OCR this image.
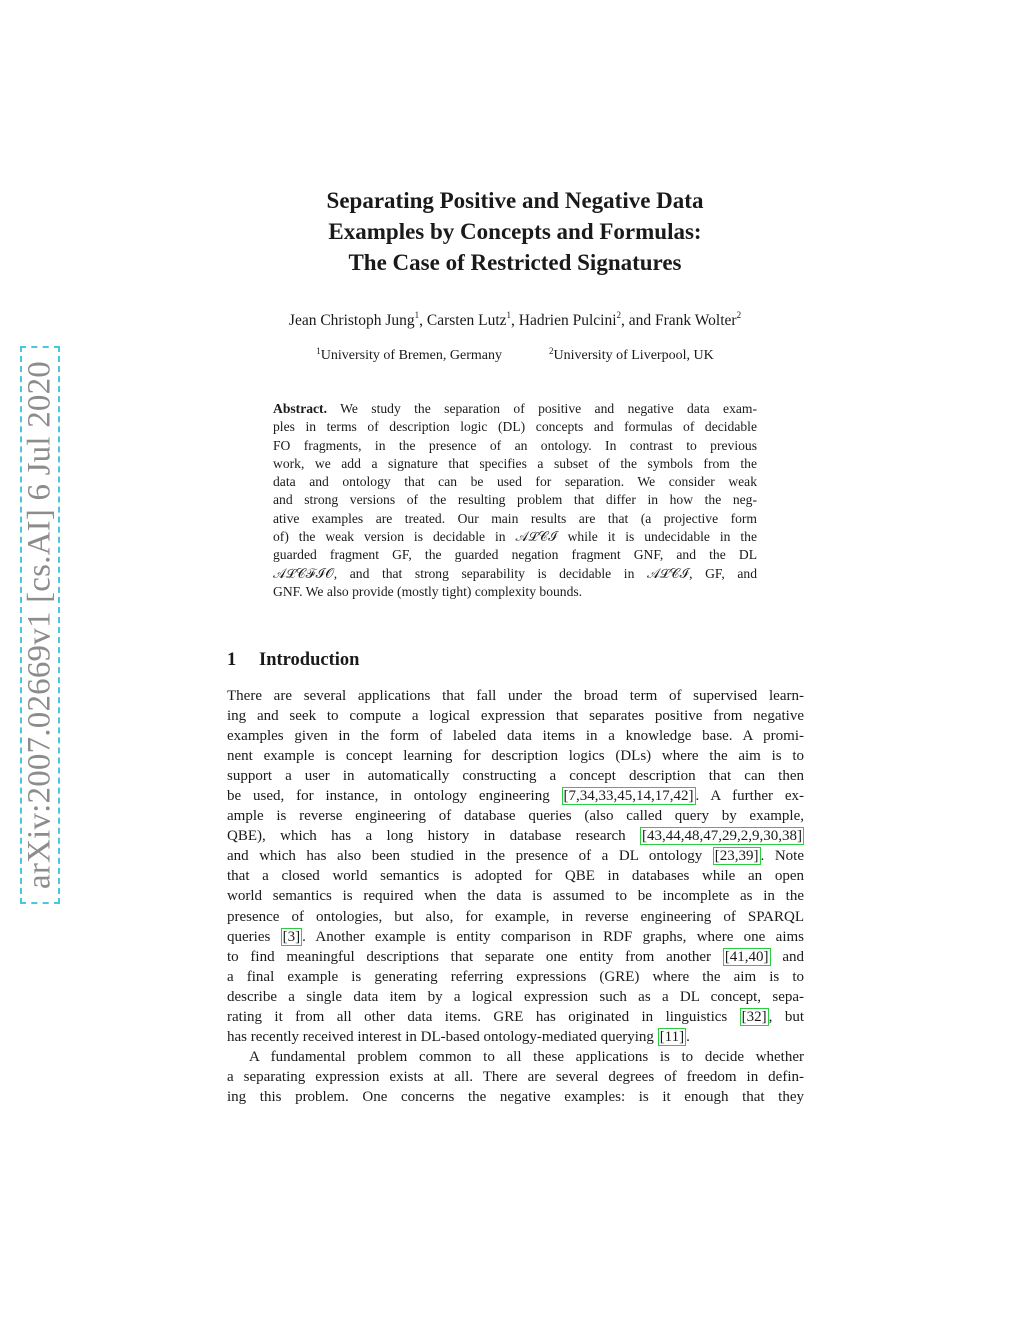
arXiv:2007.02669v1 [cs.AI] 6 Jul 2020
Separating Positive and Negative Data
Examples by Concepts and Formulas:
The Case of Restricted Signatures
Jean Christoph Jung$^1$, Carsten Lutz$^1$, Hadrien Pulcini$^2$, and Frank Wolter$^2$
$^1$University of Bremen, Germany	$^2$University of Liverpool, UK
Abstract. We study the separation of positive and negative data exam-
ples in terms of description logic (DL) concepts and formulas of decidable
FO fragments, in the presence of an ontology. In contrast to previous
work, we add a signature that specifies a subset of the symbols from the
data and ontology that can be used for separation. We consider weak
and strong versions of the resulting problem that differ in how the neg-
ative examples are treated. Our main results are that (a projective form
of) the weak version is decidable in 𝒜ℒ𝒞ℐ while it is undecidable in the
guarded fragment GF, the guarded negation fragment GNF, and the DL
𝒜ℒ𝒞ℱℐ𝒪, and that strong separability is decidable in 𝒜ℒ𝒞ℐ, GF, and
GNF. We also provide (mostly tight) complexity bounds.
1 Introduction
There are several applications that fall under the broad term of supervised learn-
ing and seek to compute a logical expression that separates positive from negative
examples given in the form of labeled data items in a knowledge base. A promi-
nent example is concept learning for description logics (DLs) where the aim is to
support a user in automatically constructing a concept description that can then
be used, for instance, in ontology engineering [7,34,33,45,14,17,42] . A further ex-
ample is reverse engineering of database queries (also called query by example,
QBE), which has a long history in database research [43,44,48,47,29,2,9,30,38]
and which has also been studied in the presence of a DL ontology [23,39] . Note
that a closed world semantics is adopted for QBE in databases while an open
world semantics is required when the data is assumed to be incomplete as in the
presence of ontologies, but also, for example, in reverse engineering of SPARQL
queries [3] . Another example is entity comparison in RDF graphs, where one aims
to find meaningful descriptions that separate one entity from another [41,40] and
a final example is generating referring expressions (GRE) where the aim is to
describe a single data item by a logical expression such as a DL concept, sepa-
rating it from all other data items. GRE has originated in linguistics [32] , but
has recently received interest in DL-based ontology-mediated querying [11] .
A fundamental problem common to all these applications is to decide whether
a separating expression exists at all. There are several degrees of freedom in defin-
ing this problem. One concerns the negative examples: is it enough that they
